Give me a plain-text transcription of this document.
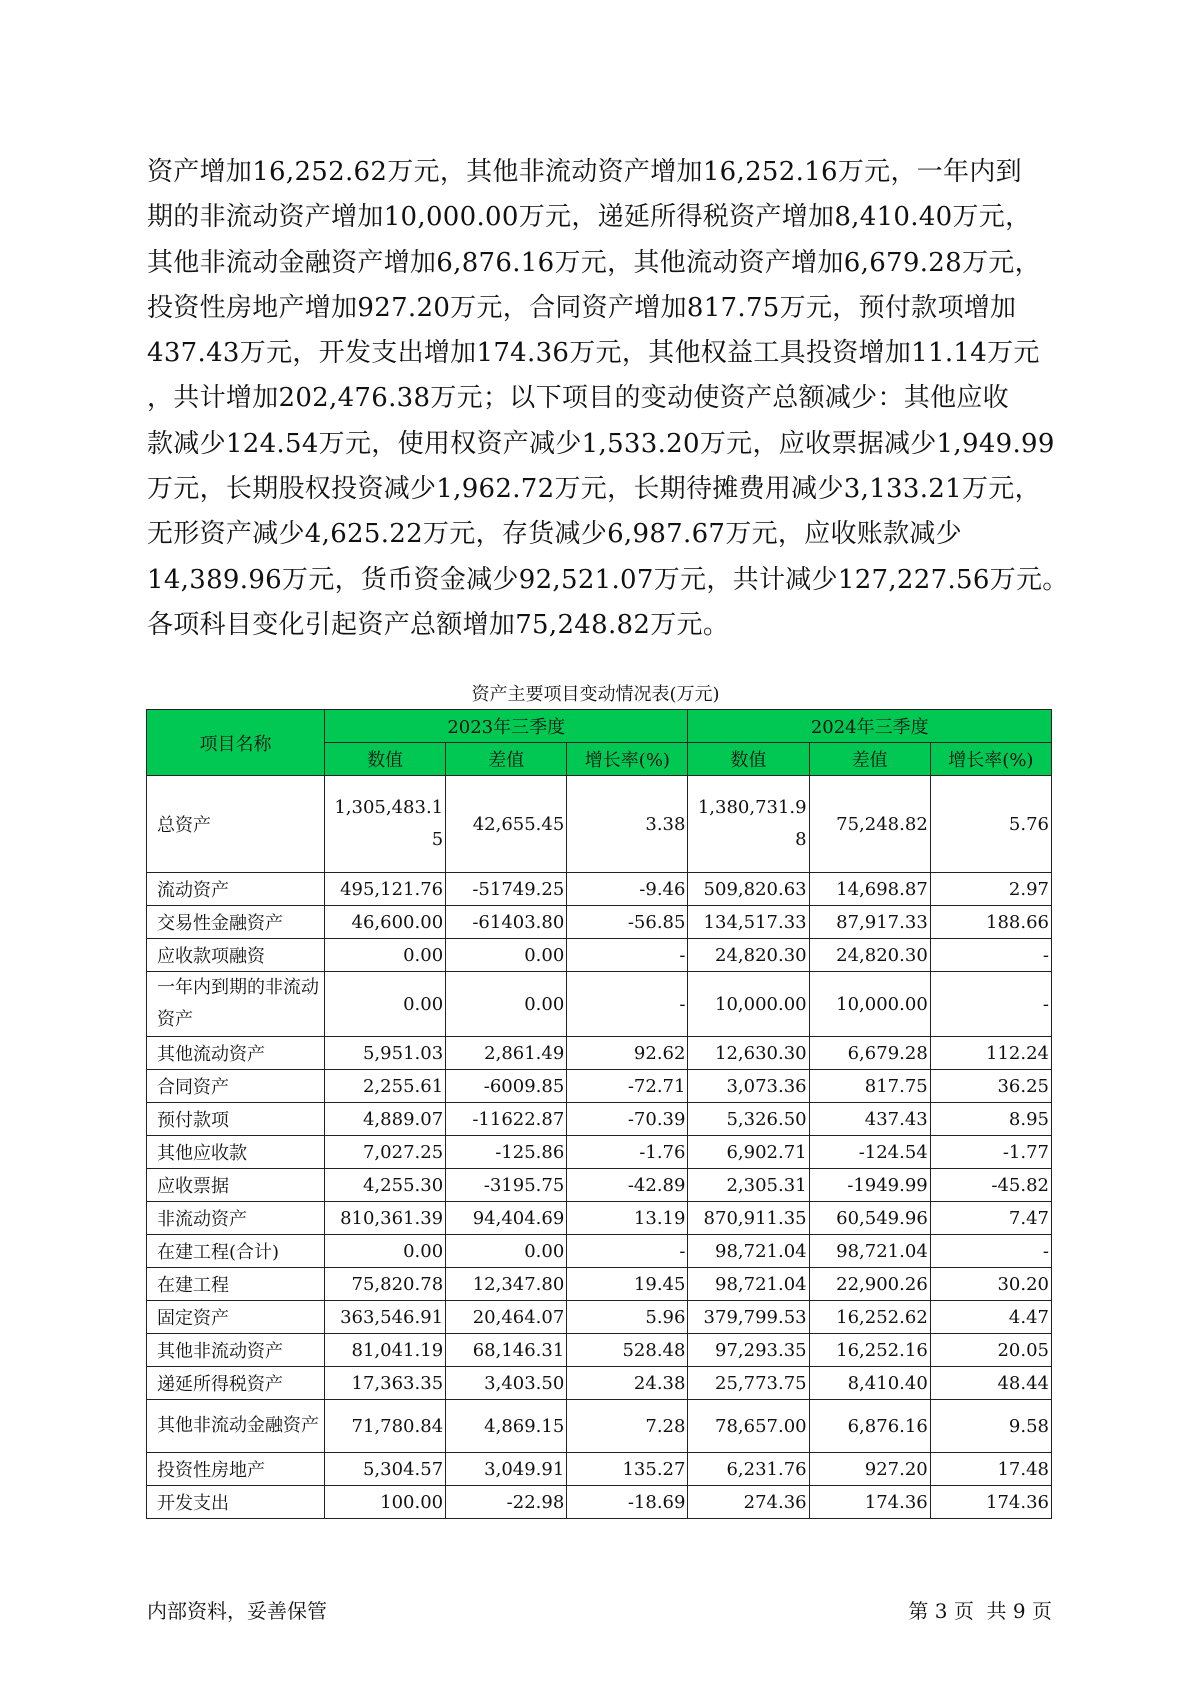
资产增加16,252.62万元，其他非流动资产增加16,252.16万元，一年内到

期的非流动资产增加10,000.00万元，递延所得税资产增加8,410.40万元，

其他非流动金融资产增加6,876.16万元，其他流动资产增加6,679.28万元，

投资性房地产增加927.20万元，合同资产增加817.75万元，预付款项增加

437.43万元，开发支出增加174.36万元，其他权益工具投资增加11.14万元

，共计增加202,476.38万元；以下项目的变动使资产总额减少：其他应收

款减少124.54万元，使用权资产减少1,533.20万元，应收票据减少1,949.99

万元，长期股权投资减少1,962.72万元，长期待摊费用减少3,133.21万元，

无形资产减少4,625.22万元，存货减少6,987.67万元，应收账款减少

14,389.96万元，货币资金减少92,521.07万元，共计减少127,227.56万元。

各项科目变化引起资产总额增加75,248.82万元。

资产主要项目变动情况表(万元)
项目名称	2023年三季度			2024年三季度		
	数值	差值	增长率(%)	数值	差值	增长率(%)
总资产	1,305,483.15	42,655.45	3.38	1,380,731.98	75,248.82	5.76
流动资产	495,121.76	-51749.25	-9.46	509,820.63	14,698.87	2.97
交易性金融资产	46,600.00	-61403.80	-56.85	134,517.33	87,917.33	188.66
应收款项融资	0.00	0.00	-	24,820.30	24,820.30	-
一年内到期的非流动资产	0.00	0.00	-	10,000.00	10,000.00	-
其他流动资产	5,951.03	2,861.49	92.62	12,630.30	6,679.28	112.24
合同资产	2,255.61	-6009.85	-72.71	3,073.36	817.75	36.25
预付款项	4,889.07	-11622.87	-70.39	5,326.50	437.43	8.95
其他应收款	7,027.25	-125.86	-1.76	6,902.71	-124.54	-1.77
应收票据	4,255.30	-3195.75	-42.89	2,305.31	-1949.99	-45.82
非流动资产	810,361.39	94,404.69	13.19	870,911.35	60,549.96	7.47
在建工程(合计)	0.00	0.00	-	98,721.04	98,721.04	-
在建工程	75,820.78	12,347.80	19.45	98,721.04	22,900.26	30.20
固定资产	363,546.91	20,464.07	5.96	379,799.53	16,252.62	4.47
其他非流动资产	81,041.19	68,146.31	528.48	97,293.35	16,252.16	20.05
递延所得税资产	17,363.35	3,403.50	24.38	25,773.75	8,410.40	48.44
其他非流动金融资产	71,780.84	4,869.15	7.28	78,657.00	6,876.16	9.58
投资性房地产	5,304.57	3,049.91	135.27	6,231.76	927.20	17.48
开发支出	100.00	-22.98	-18.69	274.36	174.36	174.36
内部资料，妥善保管	第 3 页  共 9 页
